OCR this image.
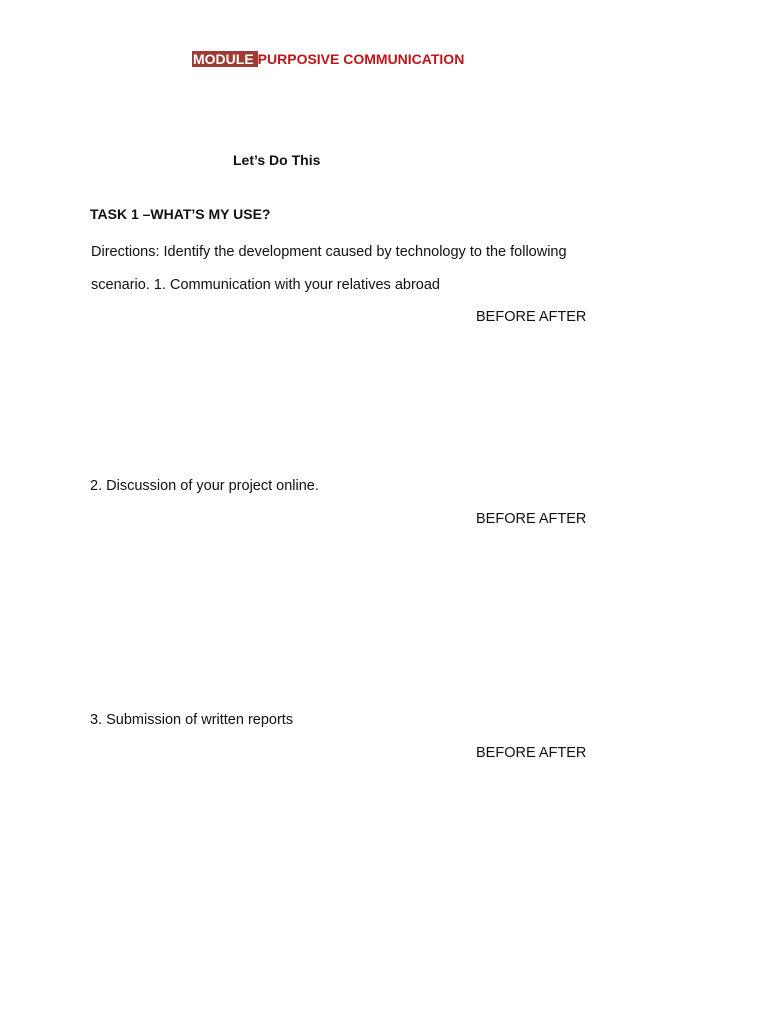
MODULE PURPOSIVE COMMUNICATION
Let’s Do This
TASK 1 –WHAT’S MY USE?

Directions: Identify the development caused by technology to the following scenario. 1. Communication with your relatives abroad

BEFORE AFTER
2. Discussion of your project online.
BEFORE AFTER
3. Submission of written reports
BEFORE AFTER
